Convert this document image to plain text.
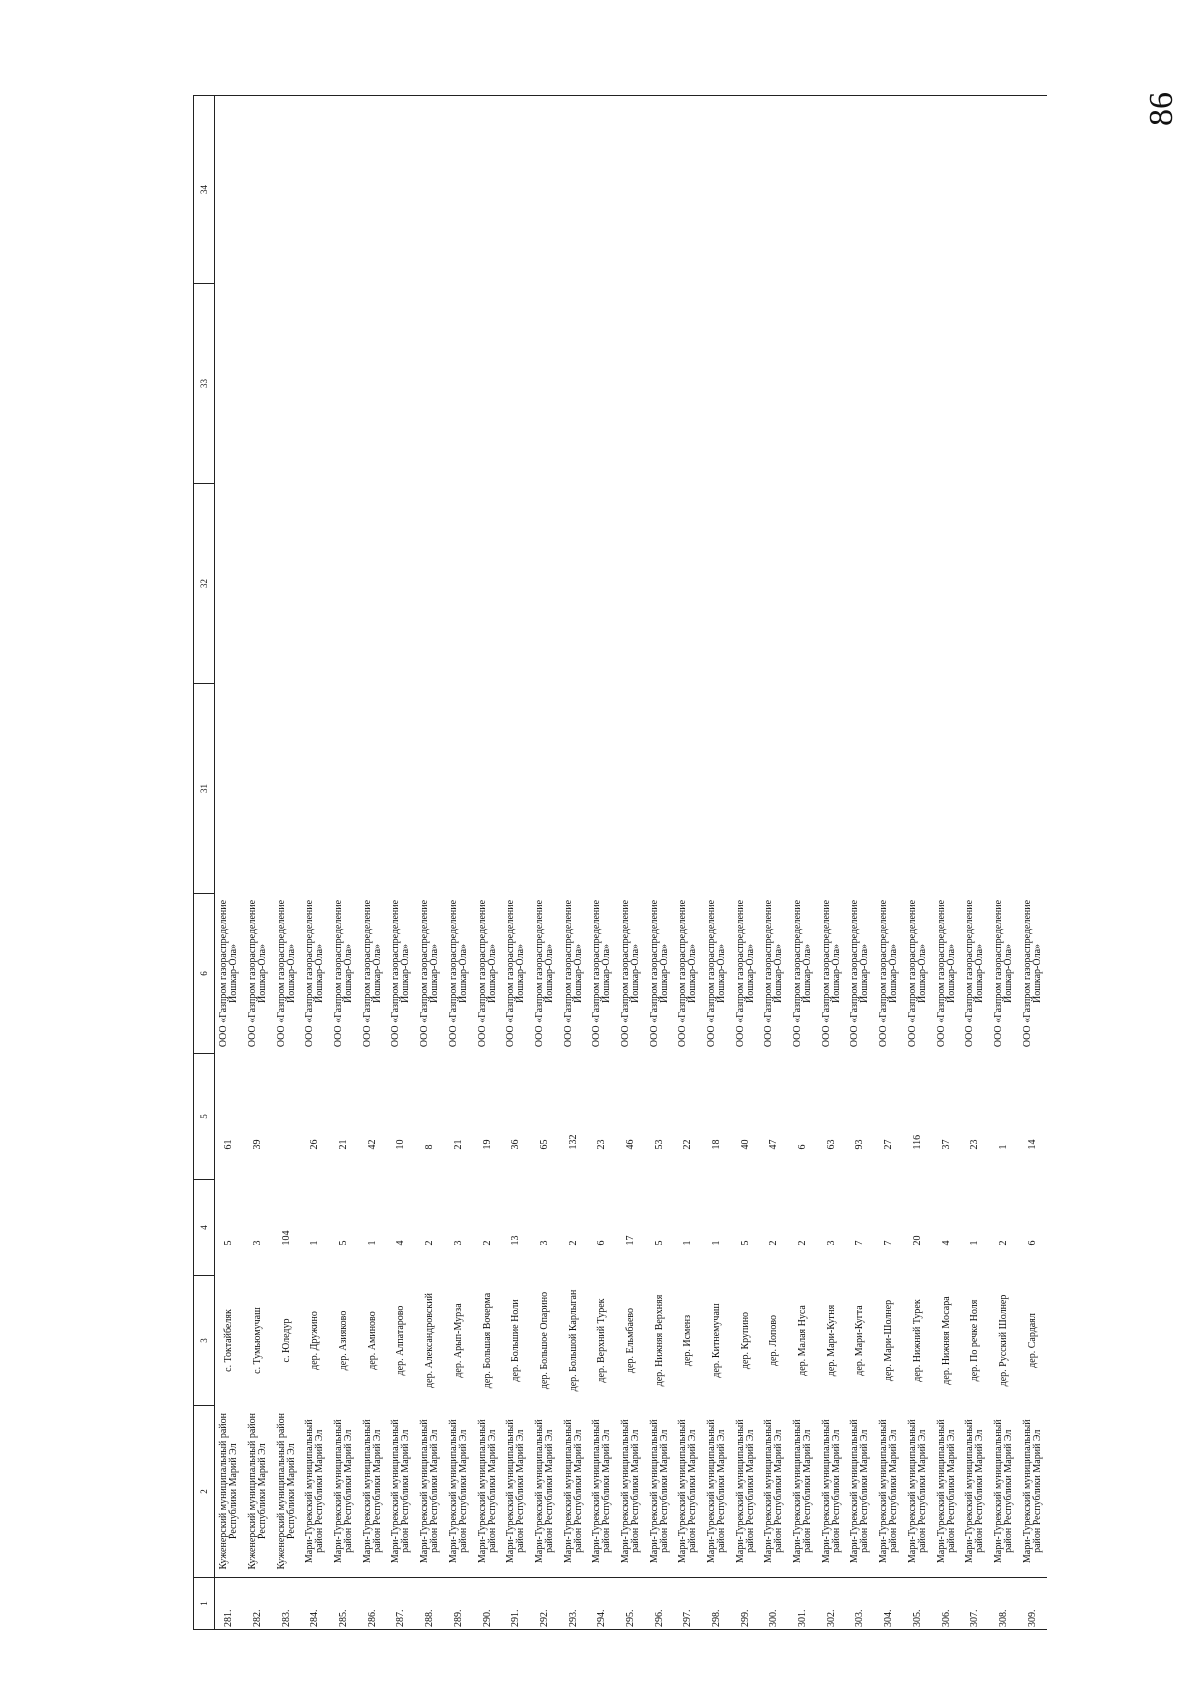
86
1	2	3	4	5	6	31	32	33	34
281.	Куженерский муниципальный район Республики Марий Эл	с. Токтайбеляк	5	61	ООО «Газпром газораспределение Йошкар-Ола»				
282.	Куженерский муниципальный район Республики Марий Эл	с. Тумьюмучаш	3	39	ООО «Газпром газораспределение Йошкар-Ола»				
283.	Куженерский муниципальный район Республики Марий Эл	с. Юледур	104		ООО «Газпром газораспределение Йошкар-Ола»				
284.	Мари-Турекский муниципальный район Республики Марий Эл	дер. Дружино	1	26	ООО «Газпром газораспределение Йошкар-Ола»				
285.	Мари-Турекский муниципальный район Республики Марий Эл	дер. Азияково	5	21	ООО «Газпром газораспределение Йошкар-Ола»				
286.	Мари-Турекский муниципальный район Республики Марий Эл	дер. Аминово	1	42	ООО «Газпром газораспределение Йошкар-Ола»				
287.	Мари-Турекский муниципальный район Республики Марий Эл	дер. Алпатарово	4	10	ООО «Газпром газораспределение Йошкар-Ола»				
288.	Мари-Турекский муниципальный район Республики Марий Эл	дер. Александровский	2	8	ООО «Газпром газораспределение Йошкар-Ола»				
289.	Мари-Турекский муниципальный район Республики Марий Эл	дер. Арып-Мурза	3	21	ООО «Газпром газораспределение Йошкар-Ола»				
290.	Мари-Турекский муниципальный район Республики Марий Эл	дер. Большая Вочерма	2	19	ООО «Газпром газораспределение Йошкар-Ола»				
291.	Мари-Турекский муниципальный район Республики Марий Эл	дер. Большие Ноли	13	36	ООО «Газпром газораспределение Йошкар-Ола»				
292.	Мари-Турекский муниципальный район Республики Марий Эл	дер. Большое Опарино	3	65	ООО «Газпром газораспределение Йошкар-Ола»				
293.	Мари-Турекский муниципальный район Республики Марий Эл	дер. Большой Карлыган	2	132	ООО «Газпром газораспределение Йошкар-Ола»				
294.	Мари-Турекский муниципальный район Республики Марий Эл	дер. Верхний Турек	6	23	ООО «Газпром газораспределение Йошкар-Ола»				
295.	Мари-Турекский муниципальный район Республики Марий Эл	дер. Ельмбаево	17	46	ООО «Газпром газораспределение Йошкар-Ола»				
296.	Мари-Турекский муниципальный район Республики Марий Эл	дер. Нижняя Верхняя	5	53	ООО «Газпром газораспределение Йошкар-Ола»				
297.	Мари-Турекский муниципальный район Республики Марий Эл	дер. Исменз	1	22	ООО «Газпром газораспределение Йошкар-Ола»				
298.	Мари-Турекский муниципальный район Республики Марий Эл	дер. Китнемучаш	1	18	ООО «Газпром газораспределение Йошкар-Ола»				
299.	Мари-Турекский муниципальный район Республики Марий Эл	дер. Крупино	5	40	ООО «Газпром газораспределение Йошкар-Ола»				
300.	Мари-Турекский муниципальный район Республики Марий Эл	дер. Лопово	2	47	ООО «Газпром газораспределение Йошкар-Ола»				
301.	Мари-Турекский муниципальный район Республики Марий Эл	дер. Малая Нуса	2	6	ООО «Газпром газораспределение Йошкар-Ола»				
302.	Мари-Турекский муниципальный район Республики Марий Эл	дер. Мари-Кугня	3	63	ООО «Газпром газораспределение Йошкар-Ола»				
303.	Мари-Турекский муниципальный район Республики Марий Эл	дер. Мари-Кугта	7	93	ООО «Газпром газораспределение Йошкар-Ола»				
304.	Мари-Турекский муниципальный район Республики Марий Эл	дер. Мари-Шолнер	7	27	ООО «Газпром газораспределение Йошкар-Ола»				
305.	Мари-Турекский муниципальный район Республики Марий Эл	дер. Нижний Турек	20	116	ООО «Газпром газораспределение Йошкар-Ола»				
306.	Мари-Турекский муниципальный район Республики Марий Эл	дер. Нижняя Мосара	4	37	ООО «Газпром газораспределение Йошкар-Ола»				
307.	Мари-Турекский муниципальный район Республики Марий Эл	дер. По речке Ноля	1	23	ООО «Газпром газораспределение Йошкар-Ола»				
308.	Мари-Турекский муниципальный район Республики Марий Эл	дер. Русский Шолнер	2	1	ООО «Газпром газораспределение Йошкар-Ола»				
309.	Мари-Турекский муниципальный район Республики Марий Эл	дер. Сардаял	6	14	ООО «Газпром газораспределение Йошкар-Ола»				
